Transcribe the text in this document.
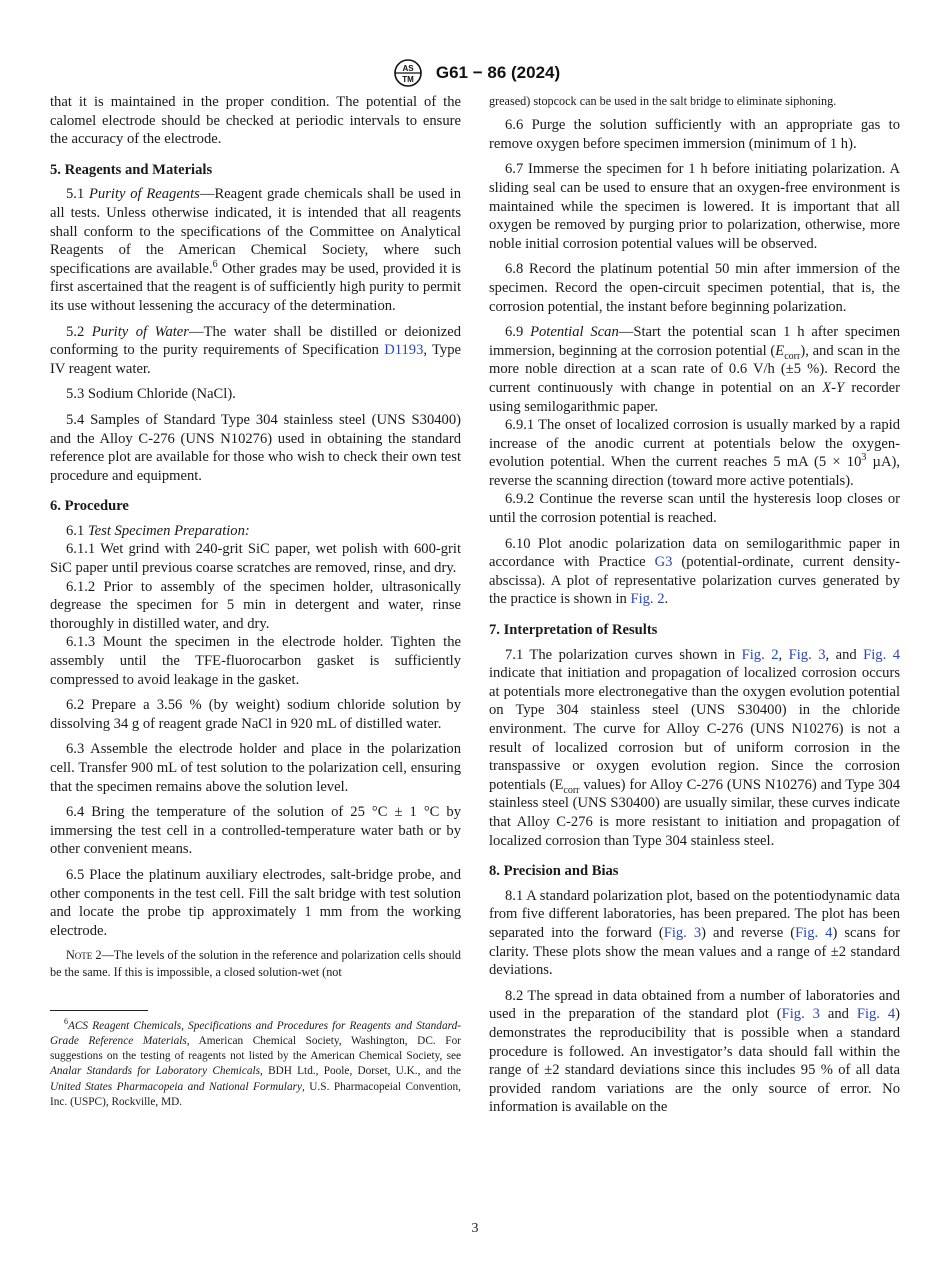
AS
TM G61 − 86 (2024)

that it is maintained in the proper condition. The potential of the calomel electrode should be checked at periodic intervals to ensure the accuracy of the electrode.

5. Reagents and Materials

5.1 Purity of Reagents—Reagent grade chemicals shall be used in all tests. Unless otherwise indicated, it is intended that all reagents shall conform to the specifications of the Committee on Analytical Reagents of the American Chemical Society, where such specifications are available.$^6$ Other grades may be used, provided it is first ascertained that the reagent is of sufficiently high purity to permit its use without lessening the accuracy of the determination.

5.2 Purity of Water—The water shall be distilled or deionized conforming to the purity requirements of Specification D1193, Type IV reagent water.

5.3 Sodium Chloride (NaCl).

5.4 Samples of Standard Type 304 stainless steel (UNS S30400) and the Alloy C-276 (UNS N10276) used in obtaining the standard reference plot are available for those who wish to check their own test procedure and equipment.

6. Procedure

6.1 Test Specimen Preparation:

6.1.1 Wet grind with 240-grit SiC paper, wet polish with 600-grit SiC paper until previous coarse scratches are removed, rinse, and dry.

6.1.2 Prior to assembly of the specimen holder, ultrasonically degrease the specimen for 5 min in detergent and water, rinse thoroughly in distilled water, and dry.

6.1.3 Mount the specimen in the electrode holder. Tighten the assembly until the TFE-fluorocarbon gasket is sufficiently compressed to avoid leakage in the gasket.

6.2 Prepare a 3.56 % (by weight) sodium chloride solution by dissolving 34 g of reagent grade NaCl in 920 mL of distilled water.

6.3 Assemble the electrode holder and place in the polarization cell. Transfer 900 mL of test solution to the polarization cell, ensuring that the specimen remains above the solution level.

6.4 Bring the temperature of the solution of 25 °C ± 1 °C by immersing the test cell in a controlled-temperature water bath or by other convenient means.

6.5 Place the platinum auxiliary electrodes, salt-bridge probe, and other components in the test cell. Fill the salt bridge with test solution and locate the probe tip approximately 1 mm from the working electrode.

Note 2—The levels of the solution in the reference and polarization cells should be the same. If this is impossible, a closed solution-wet (not

$^6$ACS Reagent Chemicals, Specifications and Procedures for Reagents and Standard-Grade Reference Materials, American Chemical Society, Washington, DC. For suggestions on the testing of reagents not listed by the American Chemical Society, see Analar Standards for Laboratory Chemicals, BDH Ltd., Poole, Dorset, U.K., and the United States Pharmacopeia and National Formulary, U.S. Pharmacopeial Convention, Inc. (USPC), Rockville, MD.

greased) stopcock can be used in the salt bridge to eliminate siphoning.

6.6 Purge the solution sufficiently with an appropriate gas to remove oxygen before specimen immersion (minimum of 1 h).

6.7 Immerse the specimen for 1 h before initiating polarization. A sliding seal can be used to ensure that an oxygen-free environment is maintained while the specimen is lowered. It is important that all oxygen be removed by purging prior to polarization, otherwise, more noble initial corrosion potential values will be observed.

6.8 Record the platinum potential 50 min after immersion of the specimen. Record the open-circuit specimen potential, that is, the corrosion potential, the instant before beginning polarization.

6.9 Potential Scan—Start the potential scan 1 h after specimen immersion, beginning at the corrosion potential $(E_{corr})$, and scan in the more noble direction at a scan rate of 0.6 V/h (±5 %). Record the current continuously with change in potential on an X-Y recorder using semilogarithmic paper.

6.9.1 The onset of localized corrosion is usually marked by a rapid increase of the anodic current at potentials below the oxygen-evolution potential. When the current reaches 5 mA ($5 \times 10^3$ µA), reverse the scanning direction (toward more active potentials).

6.9.2 Continue the reverse scan until the hysteresis loop closes or until the corrosion potential is reached.

6.10 Plot anodic polarization data on semilogarithmic paper in accordance with Practice G3 (potential-ordinate, current density-abscissa). A plot of representative polarization curves generated by the practice is shown in Fig. 2.

7. Interpretation of Results

7.1 The polarization curves shown in Fig. 2, Fig. 3, and Fig. 4 indicate that initiation and propagation of localized corrosion occurs at potentials more electronegative than the oxygen evolution potential on Type 304 stainless steel (UNS S30400) in the chloride environment. The curve for Alloy C-276 (UNS N10276) is not a result of localized corrosion but of uniform corrosion in the transpassive or oxygen evolution region. Since the corrosion potentials ($E_{corr}$ values) for Alloy C-276 (UNS N10276) and Type 304 stainless steel (UNS S30400) are usually similar, these curves indicate that Alloy C-276 is more resistant to initiation and propagation of localized corrosion than Type 304 stainless steel.

8. Precision and Bias

8.1 A standard polarization plot, based on the potentiodynamic data from five different laboratories, has been prepared. The plot has been separated into the forward (Fig. 3) and reverse (Fig. 4) scans for clarity. These plots show the mean values and a range of ±2 standard deviations.

8.2 The spread in data obtained from a number of laboratories and used in the preparation of the standard plot (Fig. 3 and Fig. 4) demonstrates the reproducibility that is possible when a standard procedure is followed. An investigator’s data should fall within the range of ±2 standard deviations since this includes 95 % of all data provided random variations are the only source of error. No information is available on the

3
